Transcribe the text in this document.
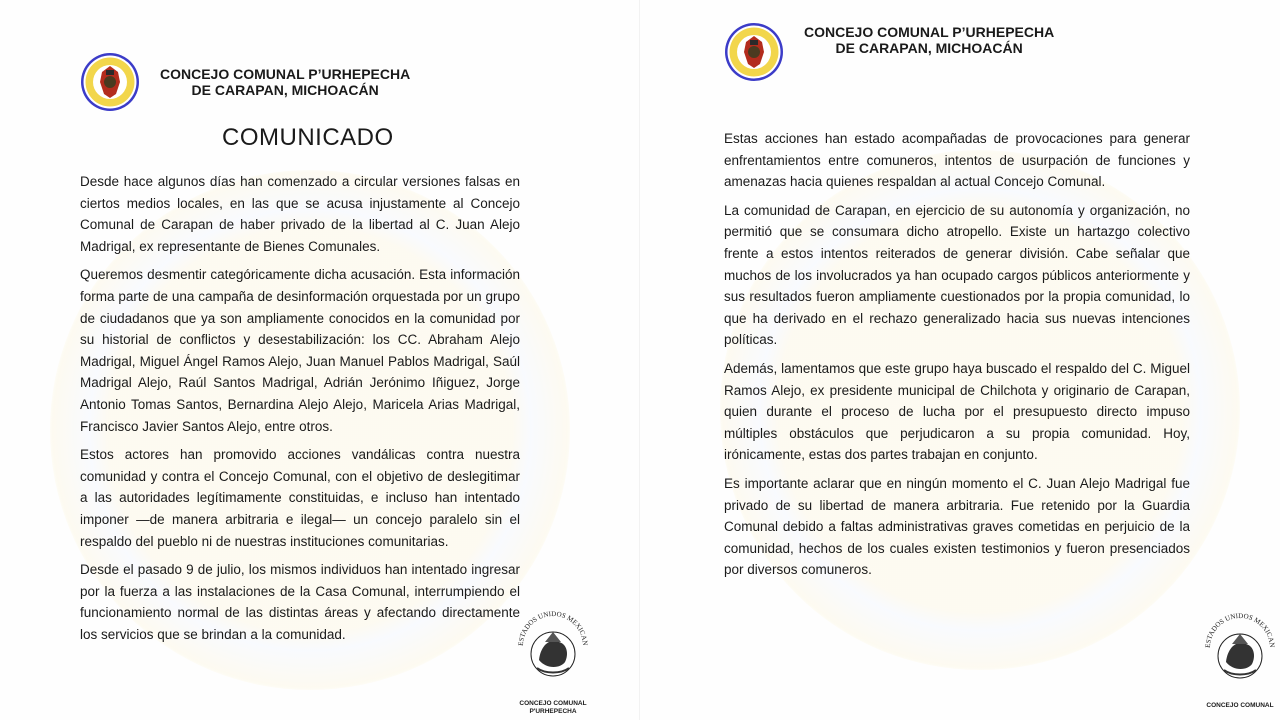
CONCEJO COMUNAL P’URHEPECHA
DE CARAPAN, MICHOACÁN
COMUNICADO

Desde hace algunos días han comenzado a circular versiones falsas en ciertos medios locales, en las que se acusa injustamente al Concejo Comunal de Carapan de haber privado de la libertad al C. Juan Alejo Madrigal, ex representante de Bienes Comunales.

Queremos desmentir categóricamente dicha acusación. Esta información forma parte de una campaña de desinformación orquestada por un grupo de ciudadanos que ya son ampliamente conocidos en la comunidad por su historial de conflictos y desestabilización: los CC. Abraham Alejo Madrigal, Miguel Ángel Ramos Alejo, Juan Manuel Pablos Madrigal, Saúl Madrigal Alejo, Raúl Santos Madrigal, Adrián Jerónimo Iñiguez, Jorge Antonio Tomas Santos, Bernardina Alejo Alejo, Maricela Arias Madrigal, Francisco Javier Santos Alejo, entre otros.

Estos actores han promovido acciones vandálicas contra nuestra comunidad y contra el Concejo Comunal, con el objetivo de deslegitimar a las autoridades legítimamente constituidas, e incluso han intentado imponer —de manera arbitraria e ilegal— un concejo paralelo sin el respaldo del pueblo ni de nuestras instituciones comunitarias.

Desde el pasado 9 de julio, los mismos individuos han intentado ingresar por la fuerza a las instalaciones de la Casa Comunal, interrumpiendo el funcionamiento normal de las distintas áreas y afectando directamente los servicios que se brindan a la comunidad.

ESTADOS UNIDOS MEXICAN
CONCEJO COMUNAL
P'URHEPECHA
CONCEJO COMUNAL P’URHEPECHA
DE CARAPAN, MICHOACÁN

Estas acciones han estado acompañadas de provocaciones para generar enfrentamientos entre comuneros, intentos de usurpación de funciones y amenazas hacia quienes respaldan al actual Concejo Comunal.

La comunidad de Carapan, en ejercicio de su autonomía y organización, no permitió que se consumara dicho atropello. Existe un hartazgo colectivo frente a estos intentos reiterados de generar división. Cabe señalar que muchos de los involucrados ya han ocupado cargos públicos anteriormente y sus resultados fueron ampliamente cuestionados por la propia comunidad, lo que ha derivado en el rechazo generalizado hacia sus nuevas intenciones políticas.

Además, lamentamos que este grupo haya buscado el respaldo del C. Miguel Ramos Alejo, ex presidente municipal de Chilchota y originario de Carapan, quien durante el proceso de lucha por el presupuesto directo impuso múltiples obstáculos que perjudicaron a su propia comunidad. Hoy, irónicamente, estas dos partes trabajan en conjunto.

Es importante aclarar que en ningún momento el C. Juan Alejo Madrigal fue privado de su libertad de manera arbitraria. Fue retenido por la Guardia Comunal debido a faltas administrativas graves cometidas en perjuicio de la comunidad, hechos de los cuales existen testimonios y fueron presenciados por diversos comuneros.

ESTADOS UNIDOS MEXICAN
CONCEJO COMUNAL
